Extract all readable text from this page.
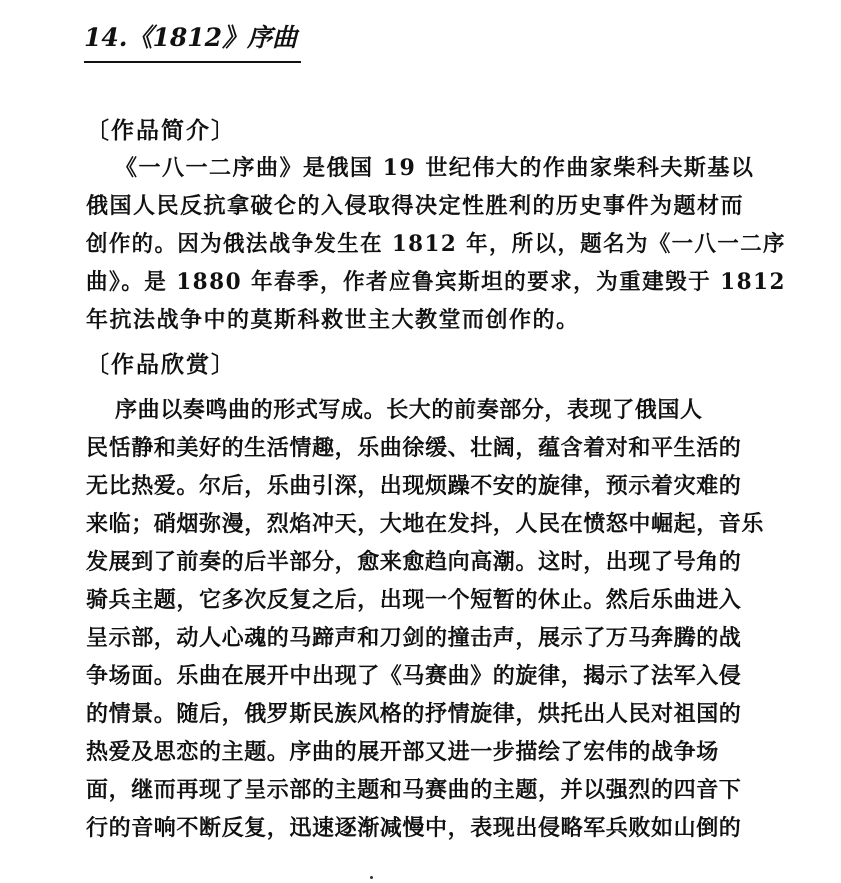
14.《1812》序曲
〔作品简介〕
《一八一二序曲》是俄国 19 世纪伟大的作曲家柴科夫斯基以
俄国人民反抗拿破仑的入侵取得决定性胜利的历史事件为题材而
创作的。因为俄法战争发生在 1812 年，所以，题名为《一八一二序
曲》。是 1880 年春季，作者应鲁宾斯坦的要求，为重建毁于 1812
年抗法战争中的莫斯科救世主大教堂而创作的。
〔作品欣赏〕
序曲以奏鸣曲的形式写成。长大的前奏部分，表现了俄国人
民恬静和美好的生活情趣，乐曲徐缓、壮阔，蕴含着对和平生活的
无比热爱。尔后，乐曲引深，出现烦躁不安的旋律，预示着灾难的
来临；硝烟弥漫，烈焰冲天，大地在发抖，人民在愤怒中崛起，音乐
发展到了前奏的后半部分，愈来愈趋向高潮。这时，出现了号角的
骑兵主题，它多次反复之后，出现一个短暂的休止。然后乐曲进入
呈示部，动人心魂的马蹄声和刀剑的撞击声，展示了万马奔腾的战
争场面。乐曲在展开中出现了《马赛曲》的旋律，揭示了法军入侵
的情景。随后，俄罗斯民族风格的抒情旋律，烘托出人民对祖国的
热爱及思恋的主题。序曲的展开部又进一步描绘了宏伟的战争场
面，继而再现了呈示部的主题和马赛曲的主题，并以强烈的四音下
行的音响不断反复，迅速逐渐减慢中，表现出侵略军兵败如山倒的
